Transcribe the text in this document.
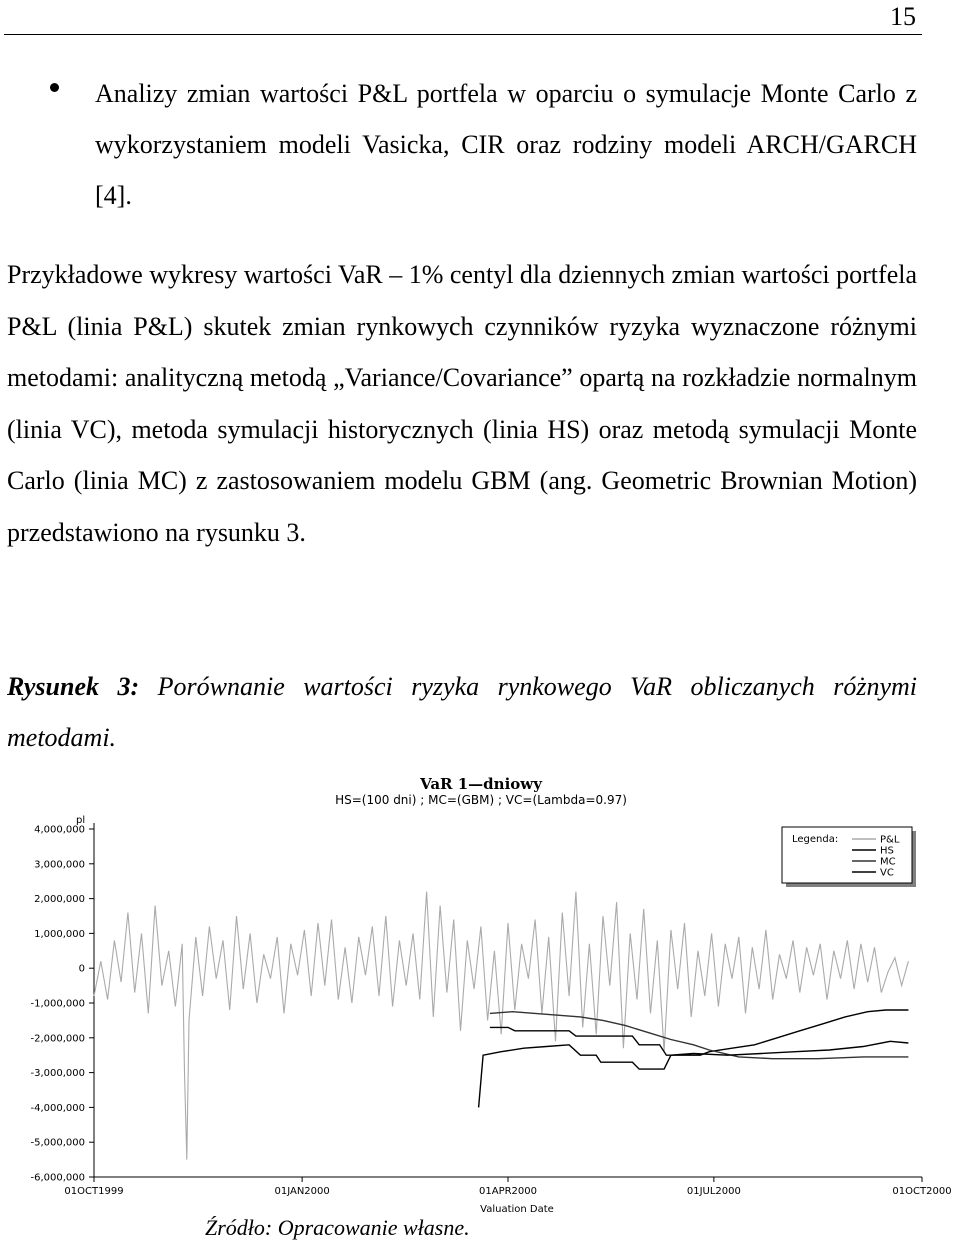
15

Analizy zmian wartości P&L portfela w oparciu o symulacje Monte Carlo z wykorzystaniem modeli Vasicka, CIR oraz rodziny modeli ARCH/GARCH [4].

Przykładowe wykresy wartości VaR – 1% centyl dla dziennych zmian wartości portfela P&L (linia P&L) skutek zmian rynkowych czynników ryzyka wyznaczone różnymi metodami: analityczną metodą „Variance/Covariance” opartą na rozkładzie normalnym (linia VC), metoda symulacji historycznych (linia HS) oraz metodą symulacji Monte Carlo (linia MC) z zastosowaniem modelu GBM (ang. Geometric Brownian Motion) przedstawiono na rysunku 3.

Rysunek 3: Porównanie wartości ryzyka rynkowego VaR obliczanych różnymi metodami.

VaR 1—dniowy
HS=(100 dni) ; MC=(GBM) ; VC=(Lambda=0.97)
pl
Valuation Date
4,000,000
3,000,000
2,000,000
1,000,000
0
-1,000,000
-2,000,000
-3,000,000
-4,000,000
-5,000,000
-6,000,000
01OCT1999	01JAN2000	01APR2000	01JUL2000	01OCT2000
Legenda:	P&L
HS
MC
VC
Źródło: Opracowanie własne.
